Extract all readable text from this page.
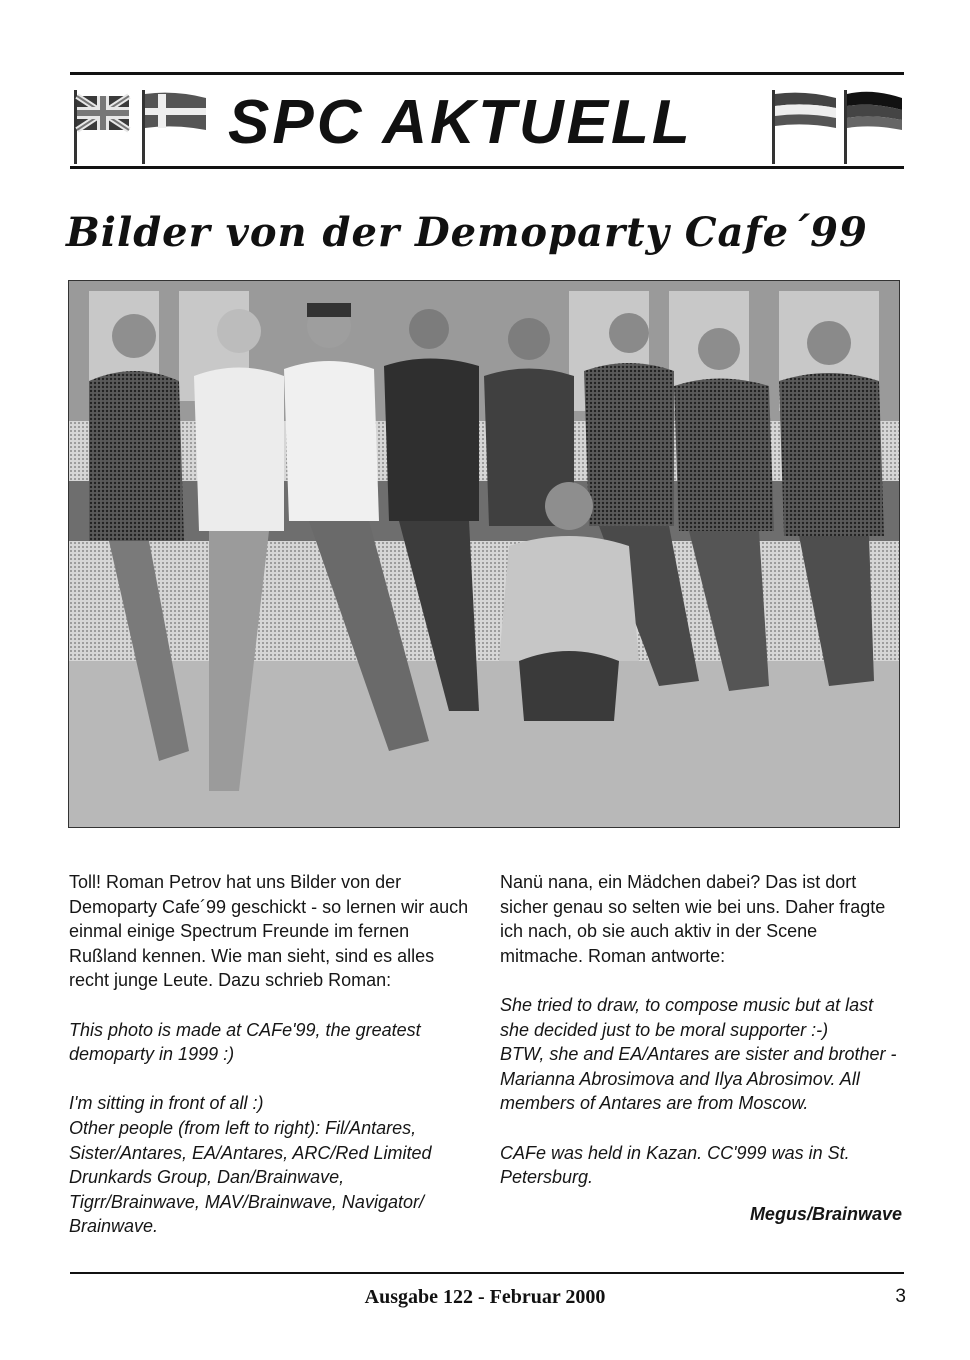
SPC AKTUELL
Bilder von der Demoparty Cafe´99

Toll! Roman Petrov hat uns Bilder von der Demoparty Cafe´99 geschickt - so lernen wir auch einmal einige Spectrum Freunde im fernen Rußland kennen. Wie man sieht, sind es alles recht junge Leute. Dazu schrieb Roman:

This photo is made at CAFe'99, the greatest demoparty in 1999 :)

I'm sitting in front of all :)

Other people (from left to right): Fil/Antares, Sister/Antares, EA/Antares, ARC/Red Limited Drunkards Group, Dan/Brainwave, Tigrr/Brainwave, MAV/Brainwave, Navigator/ Brainwave.

Nanü nana, ein Mädchen dabei? Das ist dort sicher genau so selten wie bei uns. Daher fragte ich nach, ob sie auch aktiv in der Scene mitmache. Roman antworte:

She tried to draw, to compose music but at last she decided just to be moral supporter :-)

BTW, she and EA/Antares are sister and brother - Marianna Abrosimova and Ilya Abrosimov. All members of Antares are from Moscow.

CAFe was held in Kazan. CC'999 was in St. Petersburg.

Megus/Brainwave
Ausgabe 122 - Februar 2000	3
